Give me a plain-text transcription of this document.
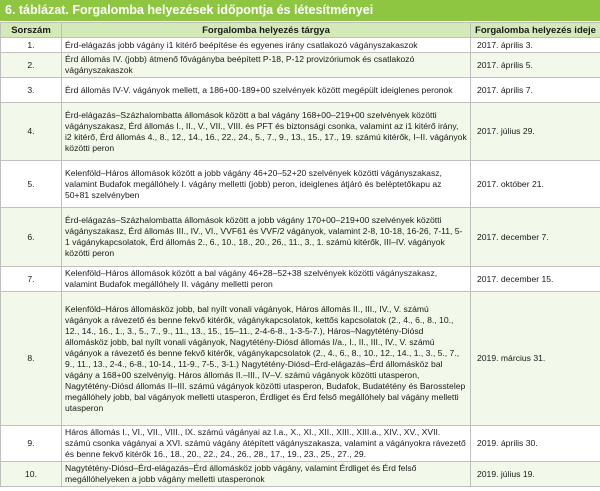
6. táblázat. Forgalomba helyezések időpontja és létesítményei
Sorszám	Forgalomba helyezés tárgya	Forgalomba helyezés ideje
1.	Érd-elágazás jobb vágány i1 kitérő beépítése és egyenes irány csatlakozó vágányszakaszok	2017. április 3.
2.	Érd állomás IV. (jobb) átmenő fővágányba beépített P-18, P-12 provizóriumok és csatlakozó vágányszakaszok	2017. április 5.
3.	Érd állomás IV-V. vágányok mellett, a 186+00-189+00 szelvények között megépült ideiglenes peronok	2017. április 7.
4.	Érd-elágazás–Százhalombatta állomások között a bal vágány 168+00–219+00 szelvények közötti vágányszakasz, Érd állomás I., II., V., VII., VIII. és PFT és biztonsági csonka, valamint az i1 kitérő irány, i2 kitérő, Érd állomás 4., 8., 12., 14., 16., 22., 24., 5., 7., 9., 13., 15., 17., 19. számú kitérők, I–II. vágányok közötti peron	2017. július 29.
5.	Kelenföld–Háros állomások között a jobb vágány 46+20–52+20 szelvények közötti vágányszakasz, valamint Budafok megállóhely I. vágány melletti (jobb) peron, ideiglenes átjáró és beléptetőkapu az 50+81 szelvényben	2017. október 21.
6.	Érd-elágazás–Százhalombatta állomások között a jobb vágány 170+00–219+00 szelvények közötti vágányszakasz, Érd állomás III., IV., VI., VVF61 és VVF/2 vágányok, valamint 2-8, 10-18, 16-26, 7-11, 5-1 vágánykapcsolatok, Érd állomás 2., 6., 10., 18., 20., 26., 11., 3., 1. számú kitérők, III–IV. vágányok közötti peron	2017. december 7.
7.	Kelenföld–Háros állomások között a bal vágány 46+28–52+38 szelvények közötti vágányszakasz, valamint Budafok megállóhely II. vágány melletti peron	2017. december 15.
8.	Kelenföld–Háros állomásköz jobb, bal nyílt vonali vágányok, Háros állomás II., III., IV., V. számú vágányok a rávezető és benne fekvő kitérők, vágánykapcsolatok, kettős kapcsolatok (2., 4., 6., 8., 10., 12., 14., 16., 1., 3., 5., 7., 9., 11., 13., 15., 15–11., 2-4-6-8., 1-3-5-7.), Háros–Nagytétény-Diósd állomásköz jobb, bal nyílt vonali vágányok, Nagytétény-Diósd állomás I/a., I., II., III., IV., V. számú vágányok a rávezető és benne fekvő kitérők, vágánykapcsolatok (2., 4., 6., 8., 10., 12., 14., 1., 3., 5., 7., 9., 11., 13., 2-4., 6-8., 10-14., 11-9., 7-5., 3-1.) Nagytétény-Diósd–Érd-elágazás–Érd állomásköz bal vágány a 168+00 szelvényig. Háros állomás II.–III., IV–V. számú vágányok közötti utasperon, Nagytétény-Diósd állomás II–III. számú vágányok közötti utasperon, Budafok, Budatétény és Barosstelep megállóhely jobb, bal vágányok melletti utasperon, Érdliget és Érd felső megállóhely bal vágány melletti utasperon	2019. március 31.
9.	Háros állomás I., VI., VII., VIII., IX. számú vágányai az I.a., X., XI., XII., XIII., XIII.a., XIV., XV., XVII. számú csonka vágányai a XVI. számú vágány átépített vágányszakasza, valamint a vágányokra rávezető és benne fekvő kitérők 16., 18., 20., 22., 24., 26., 28., 17., 19., 23., 25., 27., 29.	2019. április 30.
10.	Nagytétény-Diósd–Érd-elágazás–Érd állomásköz jobb vágány, valamint Érdliget és Érd felső megállóhelyeken a jobb vágány melletti utasperonok	2019. július 19.
